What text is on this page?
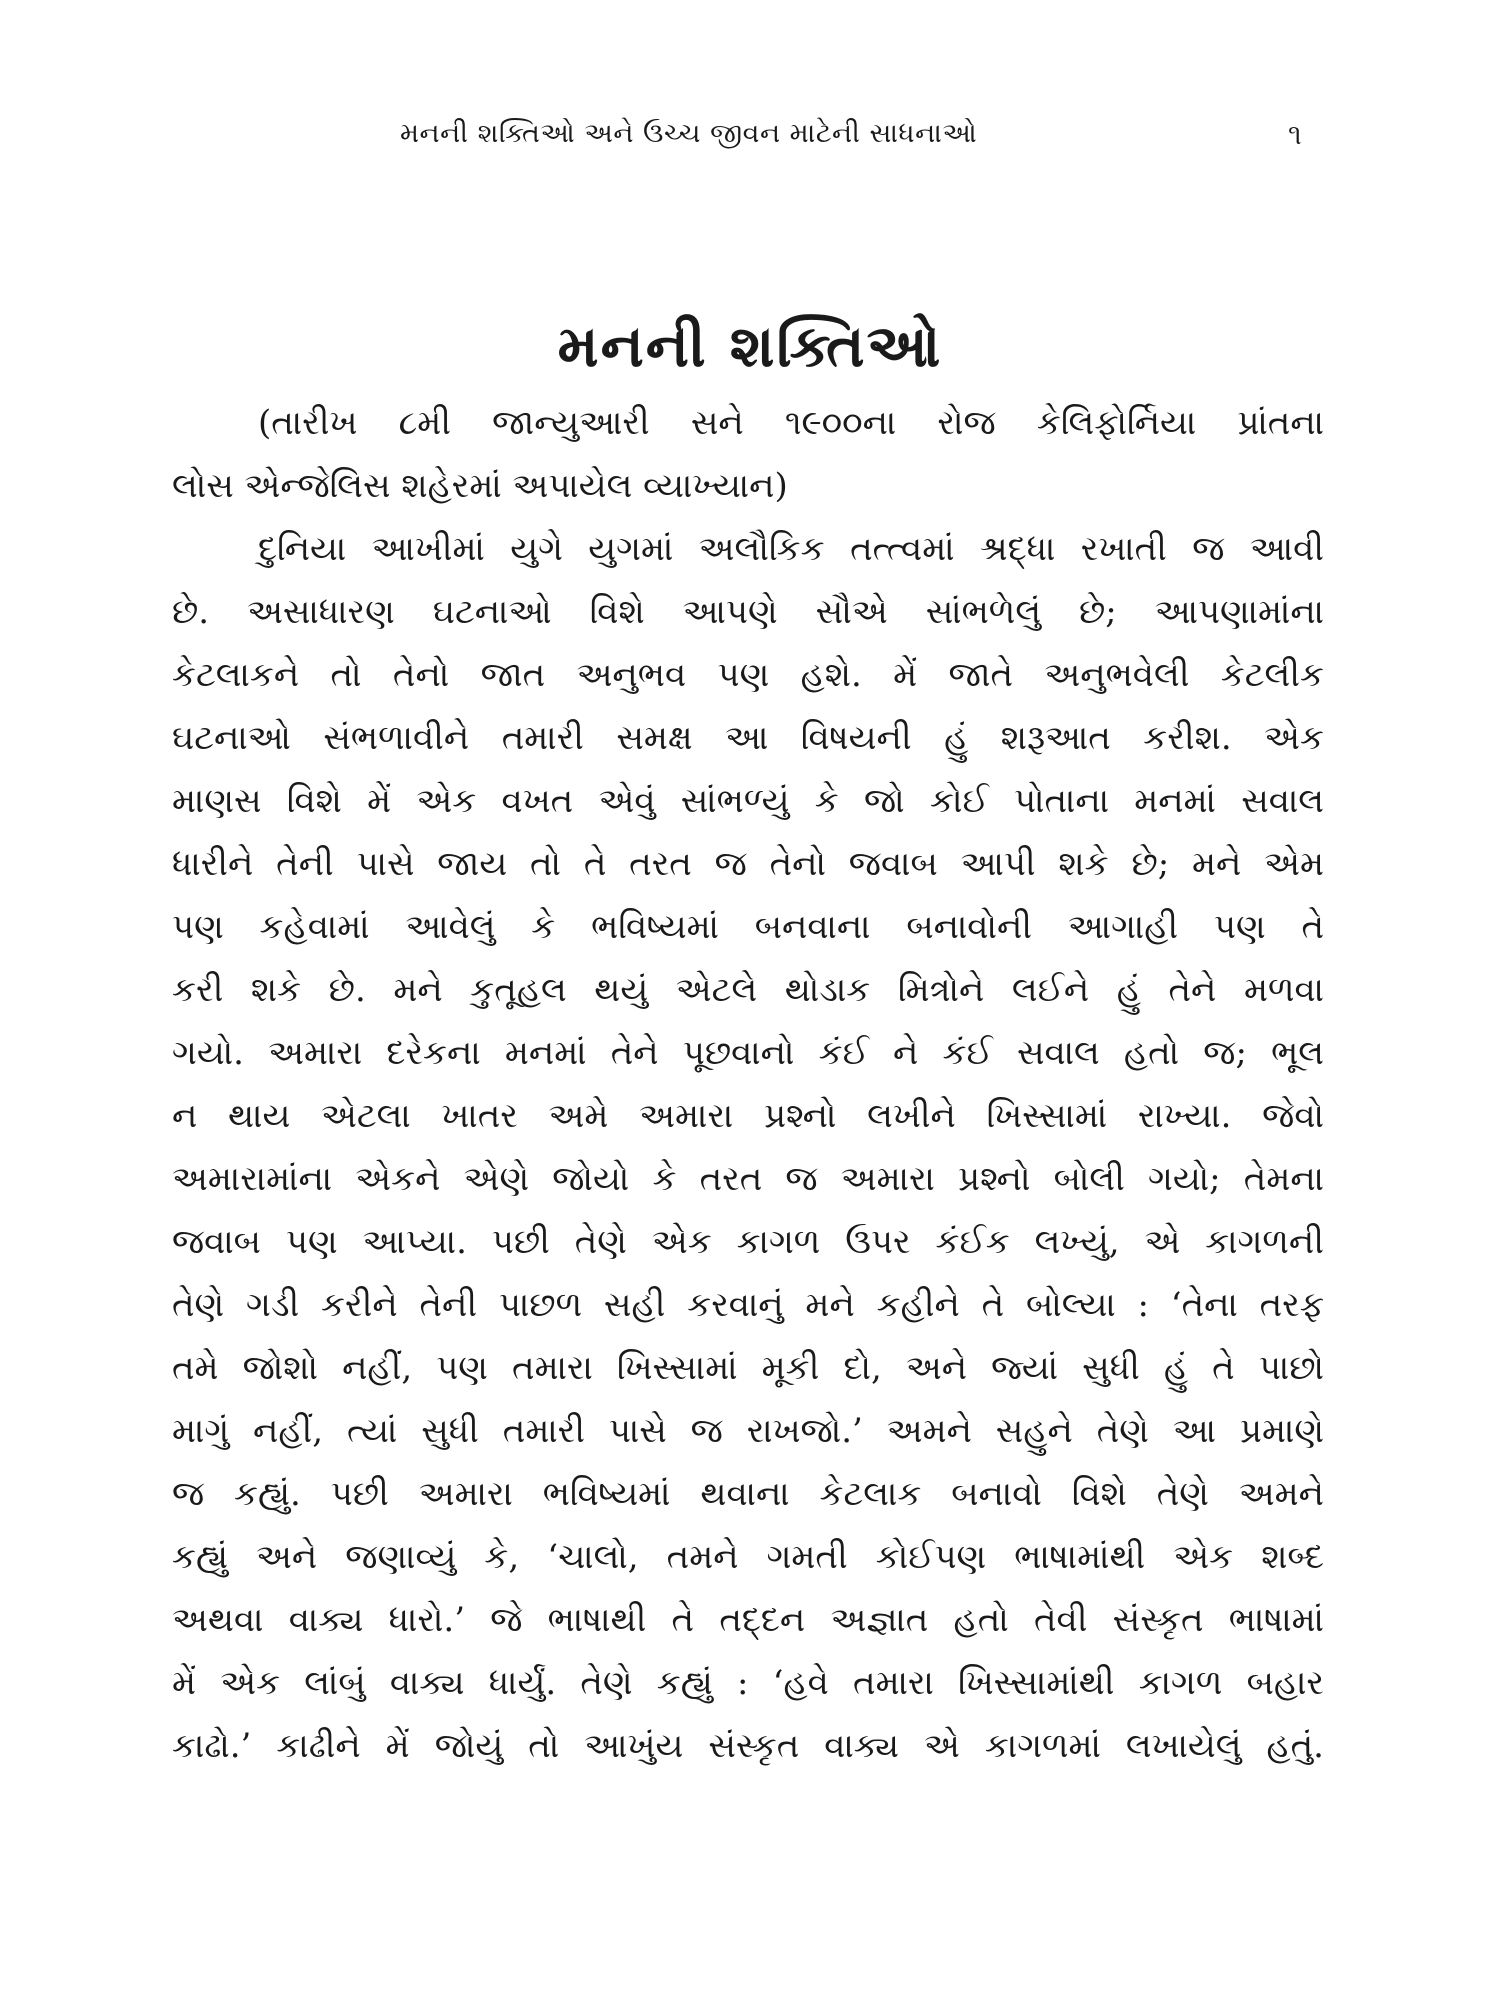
મનની શક્તિઓ અને ઉચ્ચ જીવન માટેની સાધનાઓ	૧
મનની શક્તિઓ

(તારીખ ૮મી જાન્યુઆરી સને ૧૯૦૦ના રોજ કેલિફોર્નિયા પ્રાંતના
લોસ એન્જેલિસ શહેરમાં અપાયેલ વ્યાખ્યાન)

દુનિયા આખીમાં યુગે યુગમાં અલૌકિક તત્ત્વમાં શ્રદ્ધા રખાતી જ આવી
છે. અસાધારણ ઘટનાઓ વિશે આપણે સૌએ સાંભળેલું છે; આપણામાંના
કેટલાકને તો તેનો જાત અનુભવ પણ હશે. મેં જાતે અનુભવેલી કેટલીક
ઘટનાઓ સંભળાવીને તમારી સમક્ષ આ વિષયની હું શરૂઆત કરીશ. એક
માણસ વિશે મેં એક વખત એવું સાંભળ્યું કે જો કોઈ પોતાના મનમાં સવાલ
ધારીને તેની પાસે જાય તો તે તરત જ તેનો જવાબ આપી શકે છે; મને એમ
પણ કહેવામાં આવેલું કે ભવિષ્યમાં બનવાના બનાવોની આગાહી પણ તે
કરી શકે છે. મને કુતૂહલ થયું એટલે થોડાક મિત્રોને લઈને હું તેને મળવા
ગયો. અમારા દરેકના મનમાં તેને પૂછવાનો કંઈ ને કંઈ સવાલ હતો જ; ભૂલ
ન થાય એટલા ખાતર અમે અમારા પ્રશ્નો લખીને ખિસ્સામાં રાખ્યા. જેવો
અમારામાંના એકને એણે જોયો કે તરત જ અમારા પ્રશ્નો બોલી ગયો; તેમના
જવાબ પણ આપ્યા. પછી તેણે એક કાગળ ઉપર કંઈક લખ્યું, એ કાગળની
તેણે ગડી કરીને તેની પાછળ સહી કરવાનું મને કહીને તે બોલ્યા : ‘તેના તરફ
તમે જોશો નહીં, પણ તમારા ખિસ્સામાં મૂકી દો, અને જ્યાં સુધી હું તે પાછો
માગું નહીં, ત્યાં સુધી તમારી પાસે જ રાખજો.’ અમને સહુને તેણે આ પ્રમાણે
જ કહ્યું. પછી અમારા ભવિષ્યમાં થવાના કેટલાક બનાવો વિશે તેણે અમને
કહ્યું અને જણાવ્યું કે, ‘ચાલો, તમને ગમતી કોઈપણ ભાષામાંથી એક શબ્દ
અથવા વાક્ય ધારો.’ જે ભાષાથી તે તદ્દન અજ્ઞાત હતો તેવી સંસ્કૃત ભાષામાં
મેં એક લાંબું વાક્ય ધાર્યું. તેણે કહ્યું : ‘હવે તમારા ખિસ્સામાંથી કાગળ બહાર
કાઢો.’ કાઢીને મેં જોયું તો આખુંય સંસ્કૃત વાક્ય એ કાગળમાં લખાયેલું હતું.
